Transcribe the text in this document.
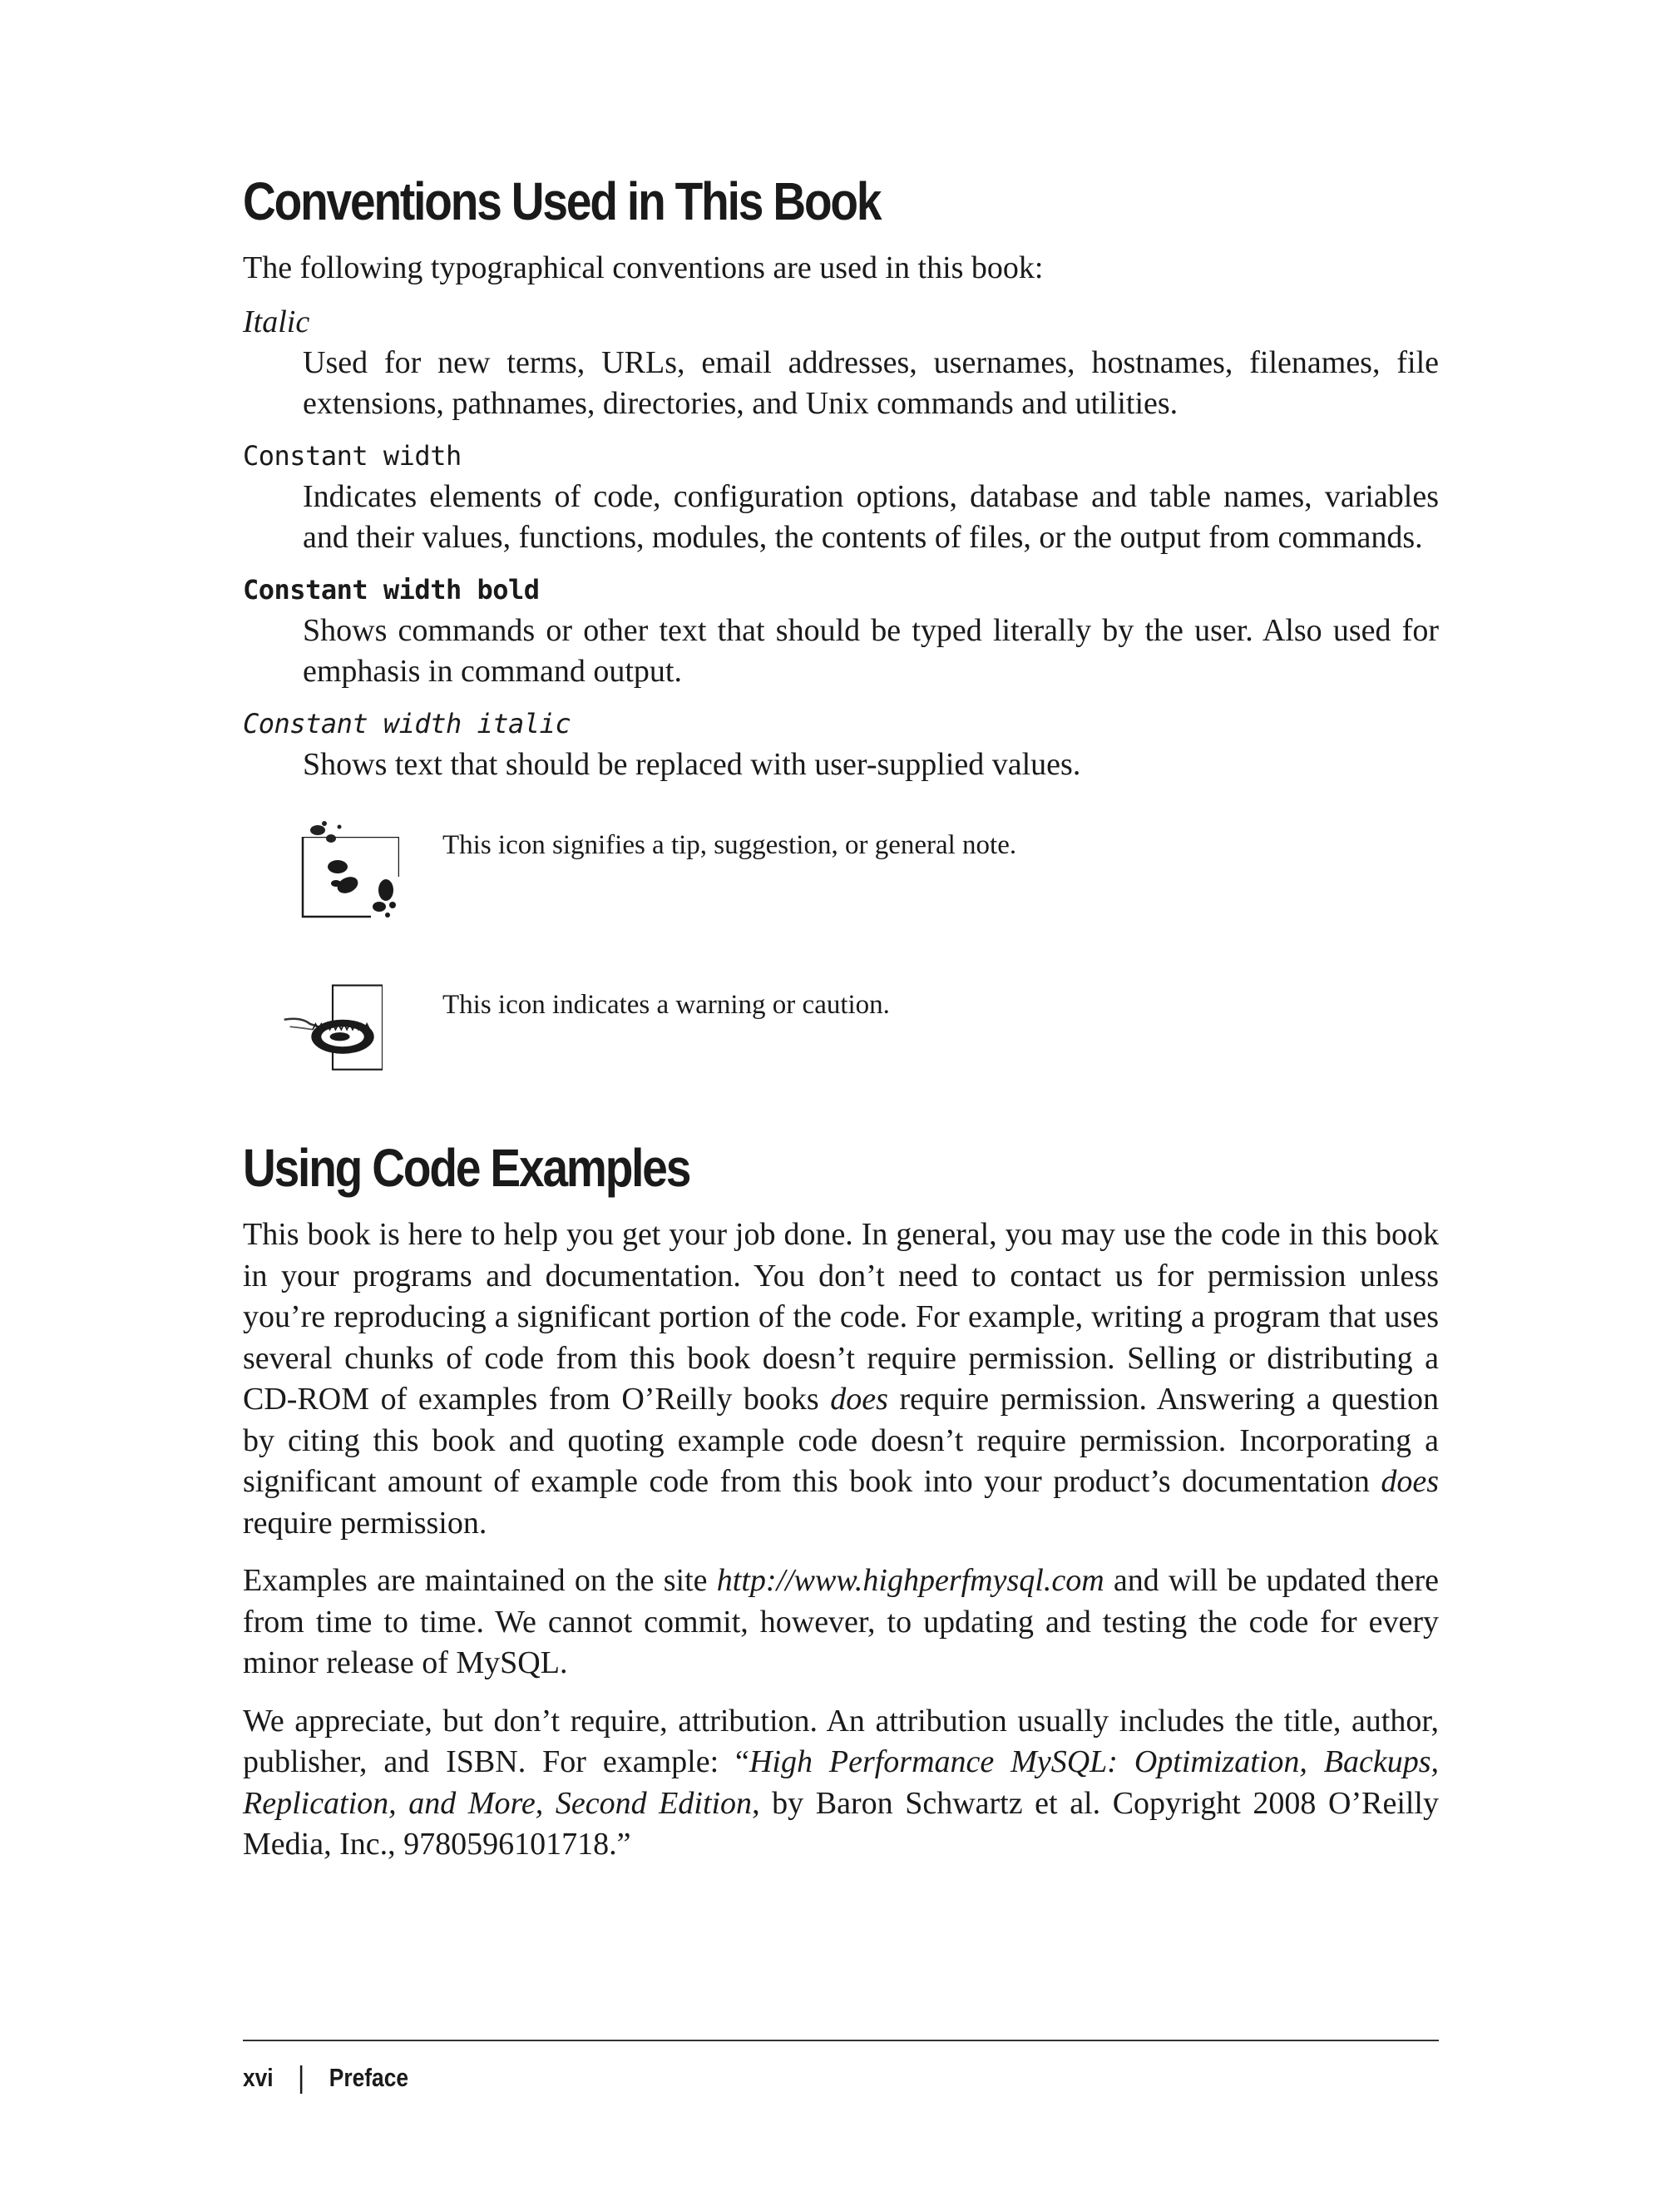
Conventions Used in This Book

The following typographical conventions are used in this book:

Italic
Used for new terms, URLs, email addresses, usernames, hostnames, filenames, file extensions, pathnames, directories, and Unix commands and utilities.
Constant width
Indicates elements of code, configuration options, database and table names, variables and their values, functions, modules, the contents of files, or the output from commands.
Constant width bold
Shows commands or other text that should be typed literally by the user. Also used for emphasis in command output.
Constant width italic
Shows text that should be replaced with user-supplied values.
This icon signifies a tip, suggestion, or general note.
This icon indicates a warning or caution.
Using Code Examples

This book is here to help you get your job done. In general, you may use the code in this book in your programs and documentation. You don’t need to contact us for permission unless you’re reproducing a significant portion of the code. For example, writing a program that uses several chunks of code from this book doesn’t require permission. Selling or distributing a CD-ROM of examples from O’Reilly books does require permission. Answering a question by citing this book and quoting example code doesn’t require permission. Incorporating a significant amount of example code from this book into your product’s documentation does require permission.

Examples are maintained on the site http://www.highperfmysql.com and will be updated there from time to time. We cannot commit, however, to updating and testing the code for every minor release of MySQL.

We appreciate, but don’t require, attribution. An attribution usually includes the title, author, publisher, and ISBN. For example: “High Performance MySQL: Optimization, Backups, Replication, and More, Second Edition, by Baron Schwartz et al. Copyright 2008 O’Reilly Media, Inc., 9780596101718.”

xvi Preface
